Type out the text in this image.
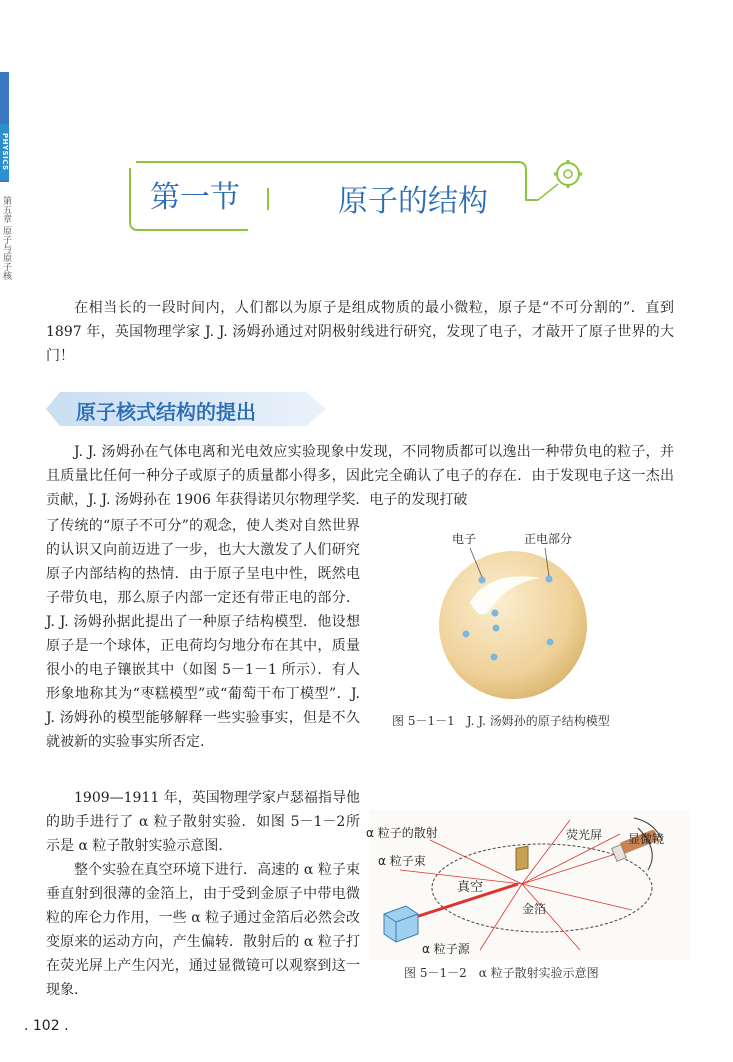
PHYSICS
第五章 原子与原子核	第一节	原子的结构

在相当长的一段时间内，人们都以为原子是组成物质的最小微粒，原子是“不可分割的”．直到 1897 年，英国物理学家 J. J. 汤姆孙通过对阴极射线进行研究，发现了电子，才敲开了原子世界的大门！

原子核式结构的提出

J. J. 汤姆孙在气体电离和光电效应实验现象中发现，不同物质都可以逸出一种带负电的粒子，并且质量比任何一种分子或原子的质量都小得多，因此完全确认了电子的存在．由于发现电子这一杰出贡献，J. J. 汤姆孙在 1906 年获得诺贝尔物理学奖．电子的发现打破

了传统的“原子不可分”的观念，使人类对自然世界的认识又向前迈进了一步，也大大激发了人们研究原子内部结构的热情．由于原子呈电中性，既然电子带负电，那么原子内部一定还有带正电的部分．J. J. 汤姆孙据此提出了一种原子结构模型．他设想原子是一个球体，正电荷均匀地分布在其中，质量很小的电子镶嵌其中（如图 5－1－1 所示）．有人形象地称其为“枣糕模型”或“葡萄干布丁模型”．J. J. 汤姆孙的模型能够解释一些实验事实，但是不久就被新的实验事实所否定.

1909—1911 年，英国物理学家卢瑟福指导他的助手进行了 α 粒子散射实验．如图 5－1－2所示是 α 粒子散射实验示意图.

整个实验在真空环境下进行．高速的 α 粒子束垂直射到很薄的金箔上，由于受到金原子中带电微粒的库仑力作用，一些 α 粒子通过金箔后必然会改变原来的运动方向，产生偏转．散射后的 α 粒子打在荧光屏上产生闪光，通过显微镜可以观察到这一现象.

电子	正电部分
图 5－1－1　J. J. 汤姆孙的原子结构模型
α 粒子的散射
α 粒子束
荧光屏 显微镜
真空
金箔
α 粒子源
图 5－1－2　α 粒子散射实验示意图
. 102 .
